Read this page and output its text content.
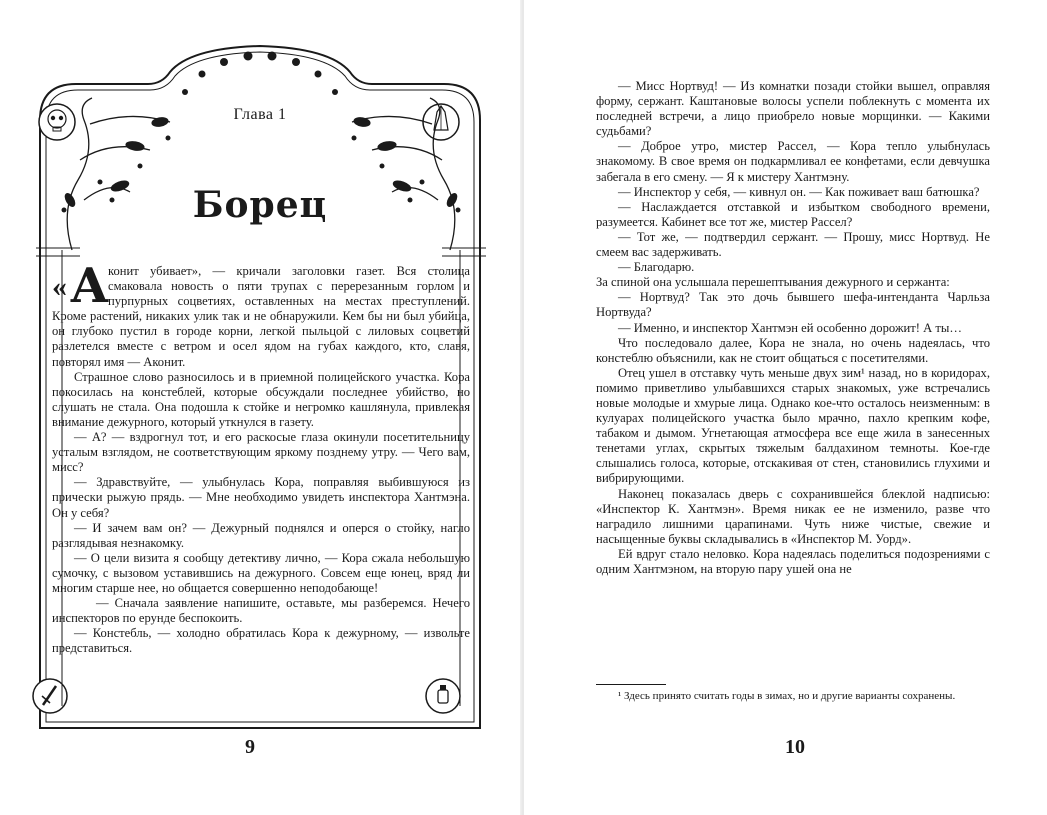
Глава 1
Борец

« А
конит убивает», — кричали заголовки газет. Вся столица смаковала новость о пяти трупах с перерезанным горлом и пурпурных соцветиях, оставленных на местах преступлений. Кроме растений, никаких улик так и не обнаружили. Кем бы ни был убийца, он глубоко пустил в городе корни, легкой пыльцой с лиловых соцветий разлетелся вместе с ветром и осел ядом на губах каждого, кто, славя, повторял имя — Аконит.

Страшное слово разносилось и в приемной полицейского участка. Кора покосилась на констеблей, которые обсуждали последнее убийство, но слушать не стала. Она подошла к стойке и негромко кашлянула, привлекая внимание дежурного, который уткнулся в газету.

— А? — вздрогнул тот, и его раскосые глаза окинули посетительницу усталым взглядом, не соответствующим яркому позднему утру. — Чего вам, мисс?

— Здравствуйте, — улыбнулась Кора, поправляя выбившуюся из прически рыжую прядь. — Мне необходимо увидеть инспектора Хантмэна. Он у себя?

— И зачем вам он? — Дежурный поднялся и оперся о стойку, нагло разглядывая незнакомку.

— О цели визита я сообщу детективу лично, — Кора сжала небольшую сумочку, с вызовом уставившись на дежурного. Совсем еще юнец, вряд ли многим старше нее, но общается совершенно неподобающе!

— Сначала заявление напишите, оставьте, мы разберемся. Нечего инспекторов по ерунде беспокоить.

— Констебль, — холодно обратилась Кора к дежурному, — извольте представиться.

9

— Мисс Нортвуд! — Из комнатки позади стойки вышел, оправляя форму, сержант. Каштановые волосы успели поблекнуть с момента их последней встречи, а лицо приобрело новые морщинки. — Какими судьбами?

— Доброе утро, мистер Рассел, — Кора тепло улыбнулась знакомому. В свое время он подкармливал ее конфетами, если девчушка забегала в его смену. — Я к мистеру Хантмэну.

— Инспектор у себя, — кивнул он. — Как поживает ваш батюшка?

— Наслаждается отставкой и избытком свободного времени, разумеется. Кабинет все тот же, мистер Рассел?

— Тот же, — подтвердил сержант. — Прошу, мисс Нортвуд. Не смеем вас задерживать.

— Благодарю.

За спиной она услышала перешептывания дежурного и сержанта:

— Нортвуд? Так это дочь бывшего шефа-интенданта Чарльза Нортвуда?

— Именно, и инспектор Хантмэн ей особенно дорожит! А ты…

Что последовало далее, Кора не знала, но очень надеялась, что констеблю объяснили, как не стоит общаться с посетителями.

Отец ушел в отставку чуть меньше двух зим¹ назад, но в коридорах, помимо приветливо улыбавшихся старых знакомых, уже встречались новые молодые и хмурые лица. Однако кое-что осталось неизменным: в кулуарах полицейского участка было мрачно, пахло крепким кофе, табаком и дымом. Угнетающая атмосфера все еще жила в занесенных тенетами углах, скрытых тяжелым балдахином темноты. Кое-где слышались голоса, которые, отскакивая от стен, становились глухими и вибрирующими.

Наконец показалась дверь с сохранившейся блеклой надписью: «Инспектор К. Хантмэн». Время никак ее не изменило, разве что наградило лишними царапинами. Чуть ниже чистые, свежие и насыщенные буквы складывались в «Инспектор М. Уорд».

Ей вдруг стало неловко. Кора надеялась поделиться подозрениями с одним Хантмэном, на вторую пару ушей она не

¹ Здесь принято считать годы в зимах, но и другие варианты сохранены.
10
